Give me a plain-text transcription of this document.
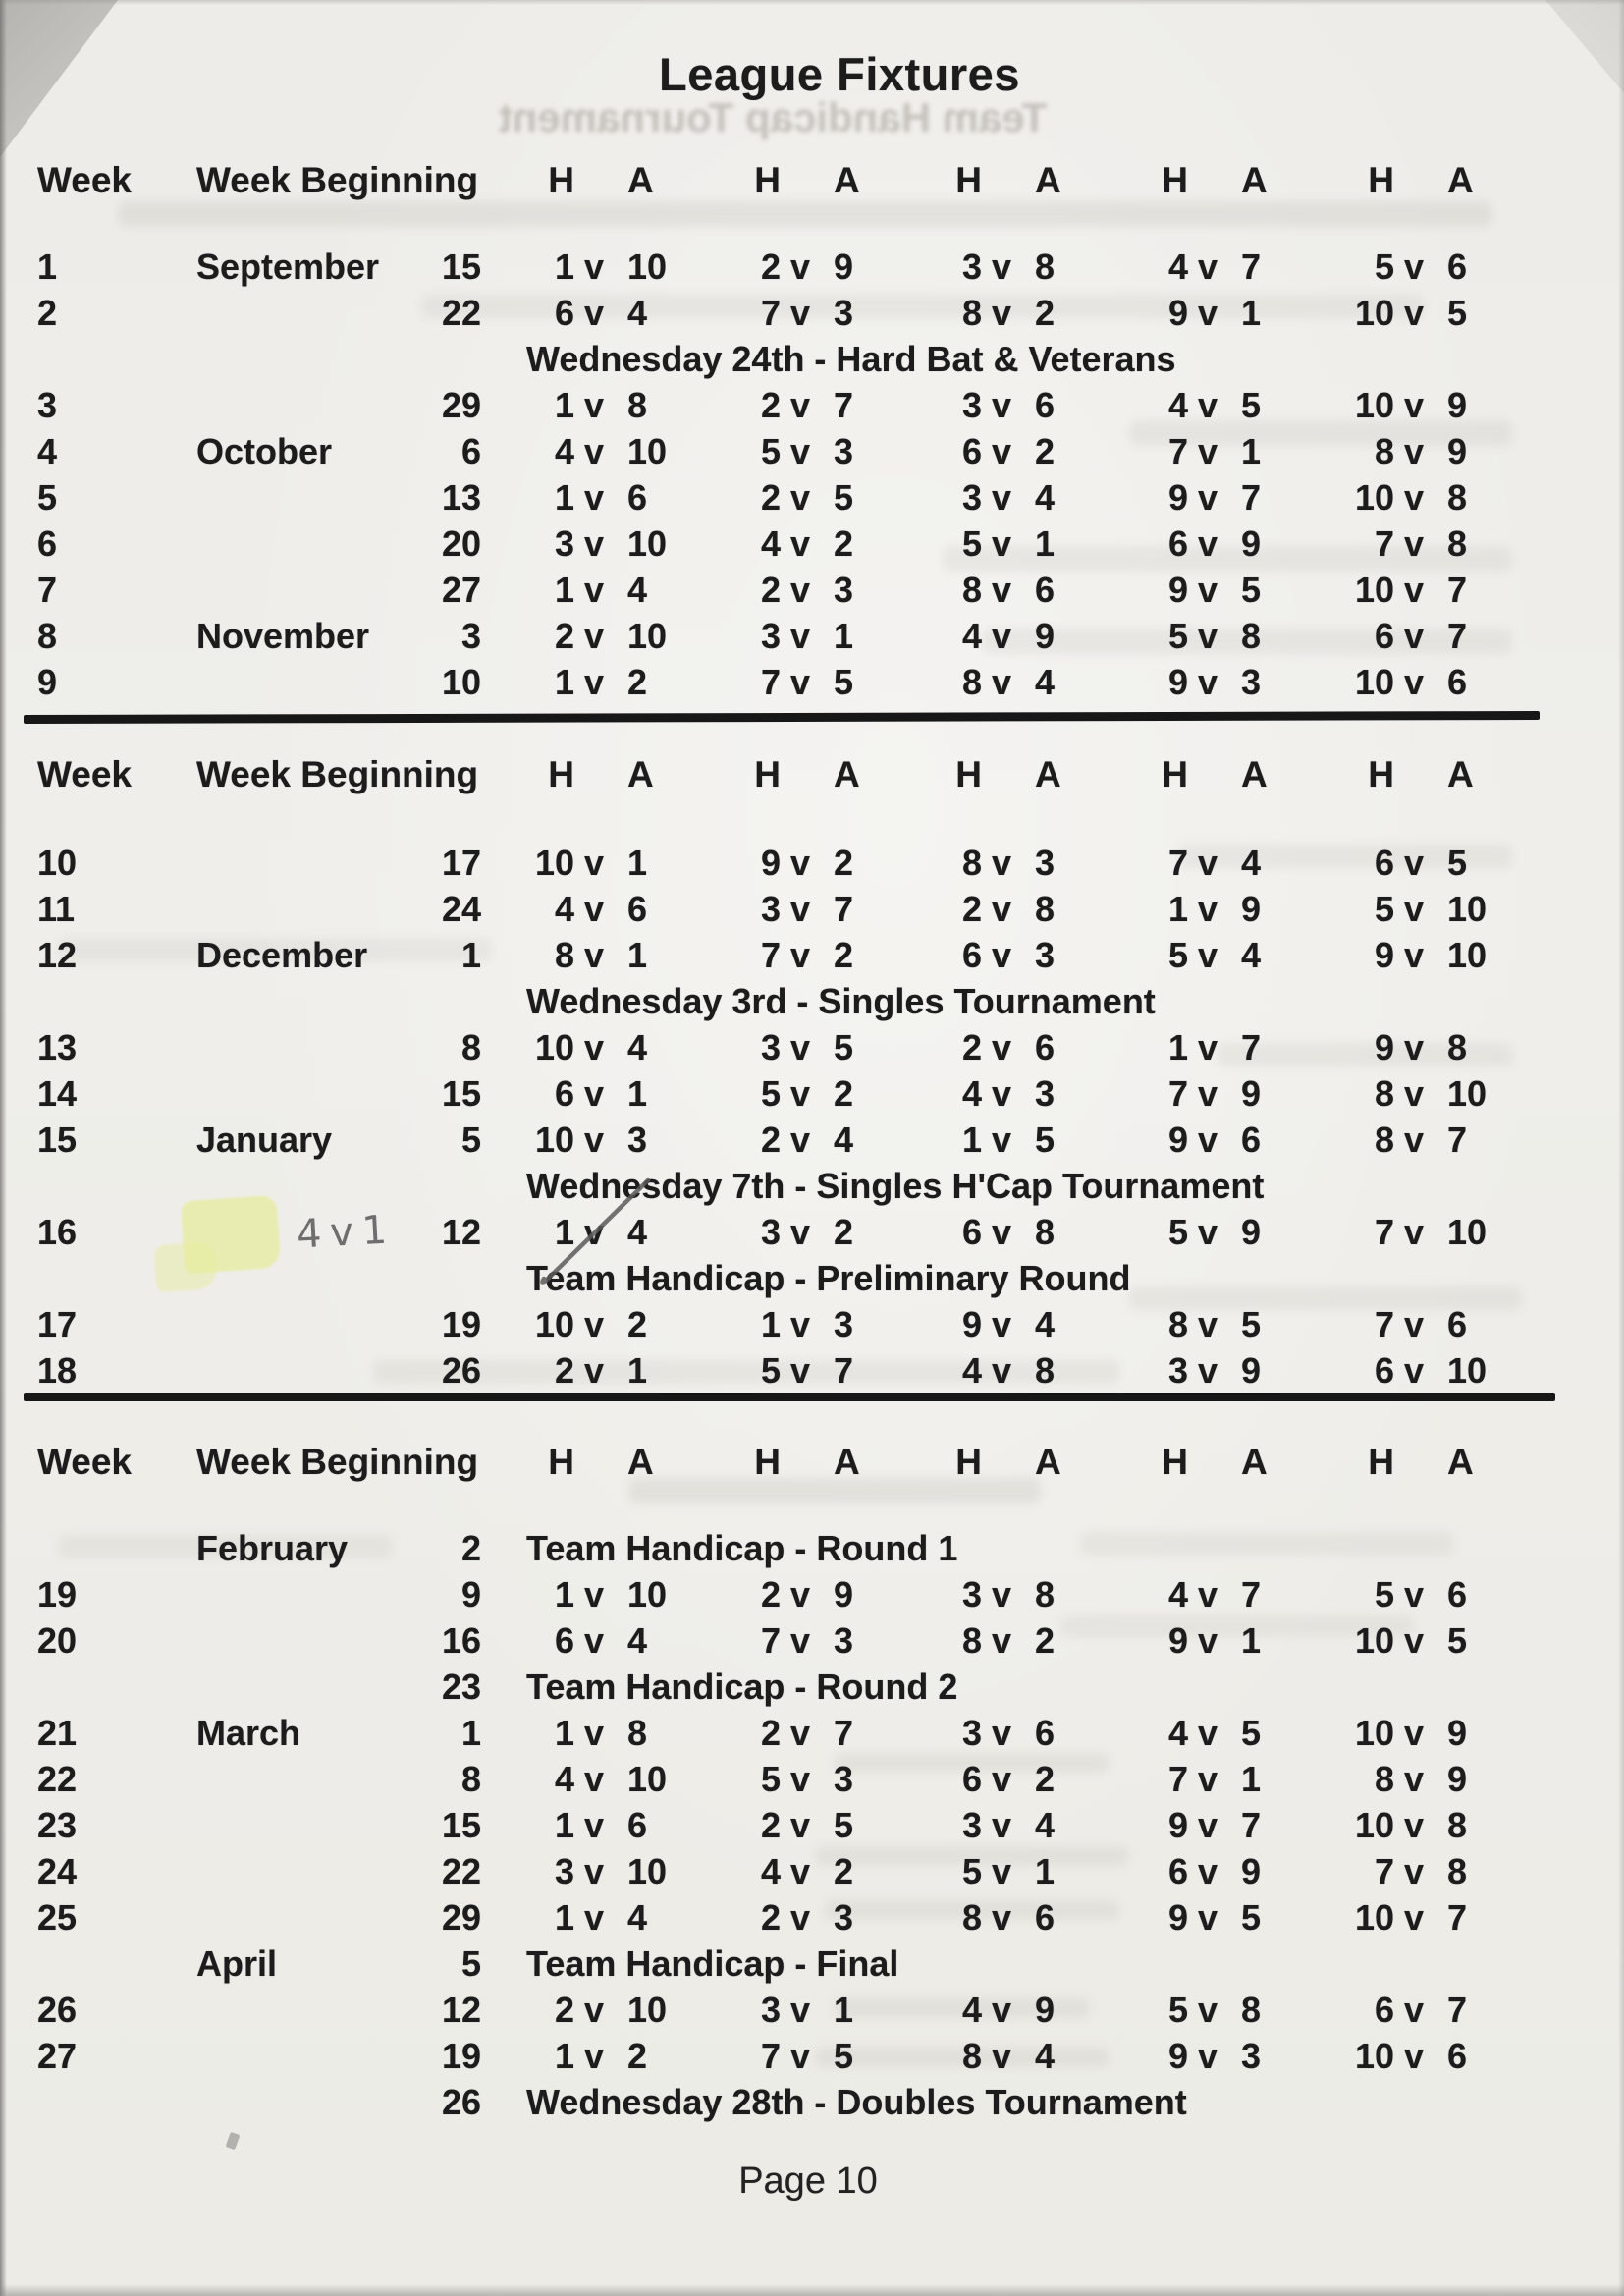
Team Handicap Tournament
League Fixtures
Week	Week Beginning	H	A	H	A	H	A	H	A	H	A
1	September	15	1 v 10	2 v 9	3 v 8	4 v 7	5 v 6
2	22	6 v 4	7 v 3	8 v 2	9 v 1	10 v 5
Wednesday 24th - Hard Bat & Veterans
3	29	1 v 8	2 v 7	3 v 6	4 v 5	10 v 9
4	October	6	4 v 10	5 v 3	6 v 2	7 v 1	8 v 9
5	13	1 v 6	2 v 5	3 v 4	9 v 7	10 v 8
6	20	3 v 10	4 v 2	5 v 1	6 v 9	7 v 8
7	27	1 v 4	2 v 3	8 v 6	9 v 5	10 v 7
8	November	3	2 v 10	3 v 1	4 v 9	5 v 8	6 v 7
9	10	1 v 2	7 v 5	8 v 4	9 v 3	10 v 6
Week	Week Beginning	H	A	H	A	H	A	H	A	H	A
10	17	10 v 1	9 v 2	8 v 3	7 v 4	6 v 5
11	24	4 v 6	3 v 7	2 v 8	1 v 9	5 v 10
12	December	1	8 v 1	7 v 2	6 v 3	5 v 4	9 v 10
Wednesday 3rd - Singles Tournament
13	8	10 v 4	3 v 5	2 v 6	1 v 7	9 v 8
14	15	6 v 1	5 v 2	4 v 3	7 v 9	8 v 10
15	January	5	10 v 3	2 v 4	1 v 5	9 v 6	8 v 7
Wednesday 7th - Singles H'Cap Tournament
16	12	1 v 4	3 v 2	6 v 8	5 v 9	7 v 10
Team Handicap - Preliminary Round
17	19	10 v 2	1 v 3	9 v 4	8 v 5	7 v 6
18	26	2 v 1	5 v 7	4 v 8	3 v 9	6 v 10
Week	Week Beginning	H	A	H	A	H	A	H	A	H	A
February	2	Team Handicap - Round 1
19	9	1 v 10	2 v 9	3 v 8	4 v 7	5 v 6
20	16	6 v 4	7 v 3	8 v 2	9 v 1	10 v 5
23	Team Handicap - Round 2
21	March	1	1 v 8	2 v 7	3 v 6	4 v 5	10 v 9
22	8	4 v 10	5 v 3	6 v 2	7 v 1	8 v 9
23	15	1 v 6	2 v 5	3 v 4	9 v 7	10 v 8
24	22	3 v 10	4 v 2	5 v 1	6 v 9	7 v 8
25	29	1 v 4	2 v 3	8 v 6	9 v 5	10 v 7
April	5	Team Handicap - Final
26	12	2 v 10	3 v 1	4 v 9	5 v 8	6 v 7
27	19	1 v 2	7 v 5	8 v 4	9 v 3	10 v 6
26	Wednesday 28th - Doubles Tournament
4 v 1
Page 10
